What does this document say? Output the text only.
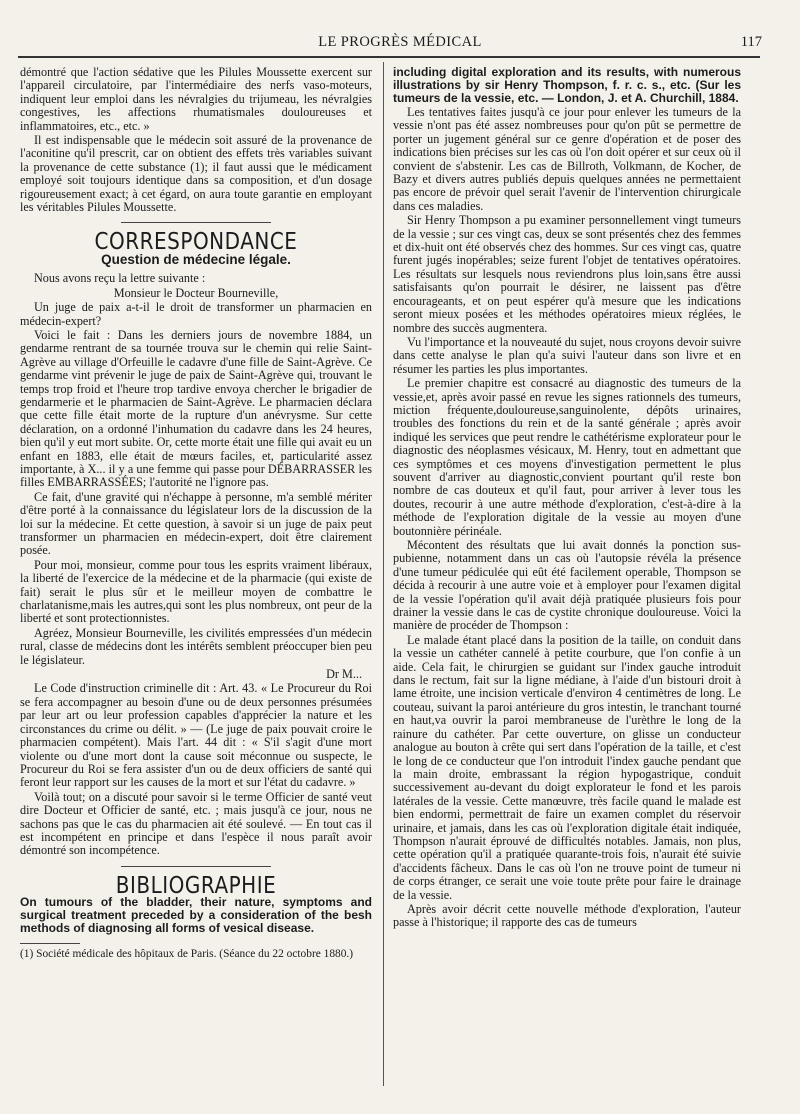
LE PROGRÈS MÉDICAL	117

démontré que l'action sédative que les Pilules Moussette exercent sur l'appareil circulatoire, par l'intermédiaire des nerfs vaso-moteurs, indiquent leur emploi dans les névralgies du trijumeau, les névralgies congestives, les affections rhumatismales douloureuses et inflammatoires, etc., etc. »

Il est indispensable que le médecin soit assuré de la provenance de l'aconitine qu'il prescrit, car on obtient des effets très variables suivant la provenance de cette substance (1); il faut aussi que le médicament employé soit toujours identique dans sa composition, et d'un dosage rigoureusement exact; à cet égard, on aura toute garantie en employant les véritables Pilules Moussette.

CORRESPONDANCE
Question de médecine légale.

Nous avons reçu la lettre suivante :

Monsieur le Docteur Bourneville,

Un juge de paix a-t-il le droit de transformer un pharmacien en médecin-expert?

Voici le fait : Dans les derniers jours de novembre 1884, un gendarme rentrant de sa tournée trouva sur le chemin qui relie Saint-Agrève au village d'Orfeuille le cadavre d'une fille de Saint-Agrève. Ce gendarme vint prévenir le juge de paix de Saint-Agrève qui, trouvant le temps trop froid et l'heure trop tardive envoya chercher le brigadier de gendarmerie et le pharmacien de Saint-Agrève. Le pharmacien déclara que cette fille était morte de la rupture d'un anévrysme. Sur cette déclaration, on a ordonné l'inhumation du cadavre dans les 24 heures, bien qu'il y eut mort subite. Or, cette morte était une fille qui avait eu un enfant en 1883, elle était de mœurs faciles, et, particularité assez importante, à X... il y a une femme qui passe pour DÉBARRASSER les filles EMBARRASSÉES; l'autorité ne l'ignore pas.

Ce fait, d'une gravité qui n'échappe à personne, m'a semblé mériter d'être porté à la connaissance du législateur lors de la discussion de la loi sur la médecine. Et cette question, à savoir si un juge de paix peut transformer un pharmacien en médecin-expert, doit être clairement posée.

Pour moi, monsieur, comme pour tous les esprits vraiment libéraux, la liberté de l'exercice de la médecine et de la pharmacie (qui existe de fait) serait le plus sûr et le meilleur moyen de combattre le charlatanisme,mais les autres,qui sont les plus nombreux, ont peur de la liberté et sont protectionnistes.

Agréez, Monsieur Bourneville, les civilités empressées d'un médecin rural, classe de médecins dont les intérêts semblent préoccuper bien peu le législateur.

Dr M...

Le Code d'instruction criminelle dit : Art. 43. « Le Procureur du Roi se fera accompagner au besoin d'une ou de deux personnes présumées par leur art ou leur profession capables d'apprécier la nature et les circonstances du crime ou délit. » — (Le juge de paix pouvait croire le pharmacien compétent). Mais l'art. 44 dit : « S'il s'agit d'une mort violente ou d'une mort dont la cause soit méconnue ou suspecte, le Procureur du Roi se fera assister d'un ou de deux officiers de santé qui feront leur rapport sur les causes de la mort et sur l'état du cadavre. »

Voilà tout; on a discuté pour savoir si le terme Officier de santé veut dire Docteur et Officier de santé, etc. ; mais jusqu'à ce jour, nous ne sachons pas que le cas du pharmacien ait été soulevé. — En tout cas il est incompétent en principe et dans l'espèce il nous paraît avoir démontré son incompétence.

BIBLIOGRAPHIE

On tumours of the bladder, their nature, symptoms and surgical treatment preceded by a consideration of the besh methods of diagnosing all forms of vesical disease.

(1) Société médicale des hôpitaux de Paris. (Séance du 22 octobre 1880.)

including digital exploration and its results, with numerous illustrations by sir Henry Thompson, f. r. c. s., etc. (Sur les tumeurs de la vessie, etc. — London, J. et A. Churchill, 1884.

Les tentatives faites jusqu'à ce jour pour enlever les tumeurs de la vessie n'ont pas été assez nombreuses pour qu'on pût se permettre de porter un jugement général sur ce genre d'opération et de poser des indications bien précises sur les cas où l'on doit opérer et sur ceux où il convient de s'abstenir. Les cas de Billroth, Volkmann, de Kocher, de Bazy et divers autres publiés depuis quelques années ne permettaient pas encore de prévoir quel serait l'avenir de l'intervention chirurgicale dans ces maladies.

Sir Henry Thompson a pu examiner personnellement vingt tumeurs de la vessie ; sur ces vingt cas, deux se sont présentés chez des femmes et dix-huit ont été observés chez des hommes. Sur ces vingt cas, quatre furent jugés inopérables; seize furent l'objet de tentatives opératoires. Les résultats sur lesquels nous reviendrons plus loin,sans être aussi satisfaisants qu'on pourrait le désirer, ne laissent pas d'être encourageants, et on peut espérer qu'à mesure que les indications seront mieux posées et les méthodes opératoires mieux réglées, le nombre des succès augmentera.

Vu l'importance et la nouveauté du sujet, nous croyons devoir suivre dans cette analyse le plan qu'a suivi l'auteur dans son livre et en résumer les parties les plus importantes.

Le premier chapitre est consacré au diagnostic des tumeurs de la vessie,et, après avoir passé en revue les signes rationnels des tumeurs, miction fréquente,douloureuse,sanguinolente, dépôts urinaires, troubles des fonctions du rein et de la santé générale ; après avoir indiqué les services que peut rendre le cathétérisme explorateur pour le diagnostic des néoplasmes vésicaux, M. Henry, tout en admettant que ces symptômes et ces moyens d'investigation permettent le plus souvent d'arriver au diagnostic,convient pourtant qu'il reste bon nombre de cas douteux et qu'il faut, pour arriver à lever tous les doutes, recourir à une autre méthode d'exploration, c'est-à-dire à la méthode de l'exploration digitale de la vessie au moyen d'une boutonnière périnéale.

Mécontent des résultats que lui avait donnés la ponction sus-pubienne, notamment dans un cas où l'autopsie révéla la présence d'une tumeur pédiculée qui eût été facilement operable, Thompson se décida à recourir à une autre voie et à employer pour l'examen digital de la vessie l'opération qu'il avait déjà pratiquée plusieurs fois pour drainer la vessie dans le cas de cystite chronique douloureuse. Voici la manière de procéder de Thompson :

Le malade étant placé dans la position de la taille, on conduit dans la vessie un cathéter cannelé à petite courbure, que l'on confie à un aide. Cela fait, le chirurgien se guidant sur l'index gauche introduit dans le rectum, fait sur la ligne médiane, à l'aide d'un bistouri droit à lame étroite, une incision verticale d'environ 4 centimètres de long. Le couteau, suivant la paroi antérieure du gros intestin, le tranchant tourné en haut,va ouvrir la paroi membraneuse de l'urèthre le long de la rainure du cathéter. Par cette ouverture, on glisse un conducteur analogue au bouton à crête qui sert dans l'opération de la taille, et c'est le long de ce conducteur que l'on introduit l'index gauche pendant que la main droite, embrassant la région hypogastrique, conduit successivement au-devant du doigt explorateur le fond et les parois latérales de la vessie. Cette manœuvre, très facile quand le malade est bien endormi, permettrait de faire un examen complet du réservoir urinaire, et jamais, dans les cas où l'exploration digitale était indiquée, Thompson n'aurait éprouvé de difficultés notables. Jamais, non plus, cette opération qu'il a pratiquée quarante-trois fois, n'aurait été suivie d'accidents fâcheux. Dans le cas où l'on ne trouve point de tumeur ni de corps étranger, ce serait une voie toute prête pour faire le drainage de la vessie.

Après avoir décrit cette nouvelle méthode d'exploration, l'auteur passe à l'historique; il rapporte des cas de tumeurs
